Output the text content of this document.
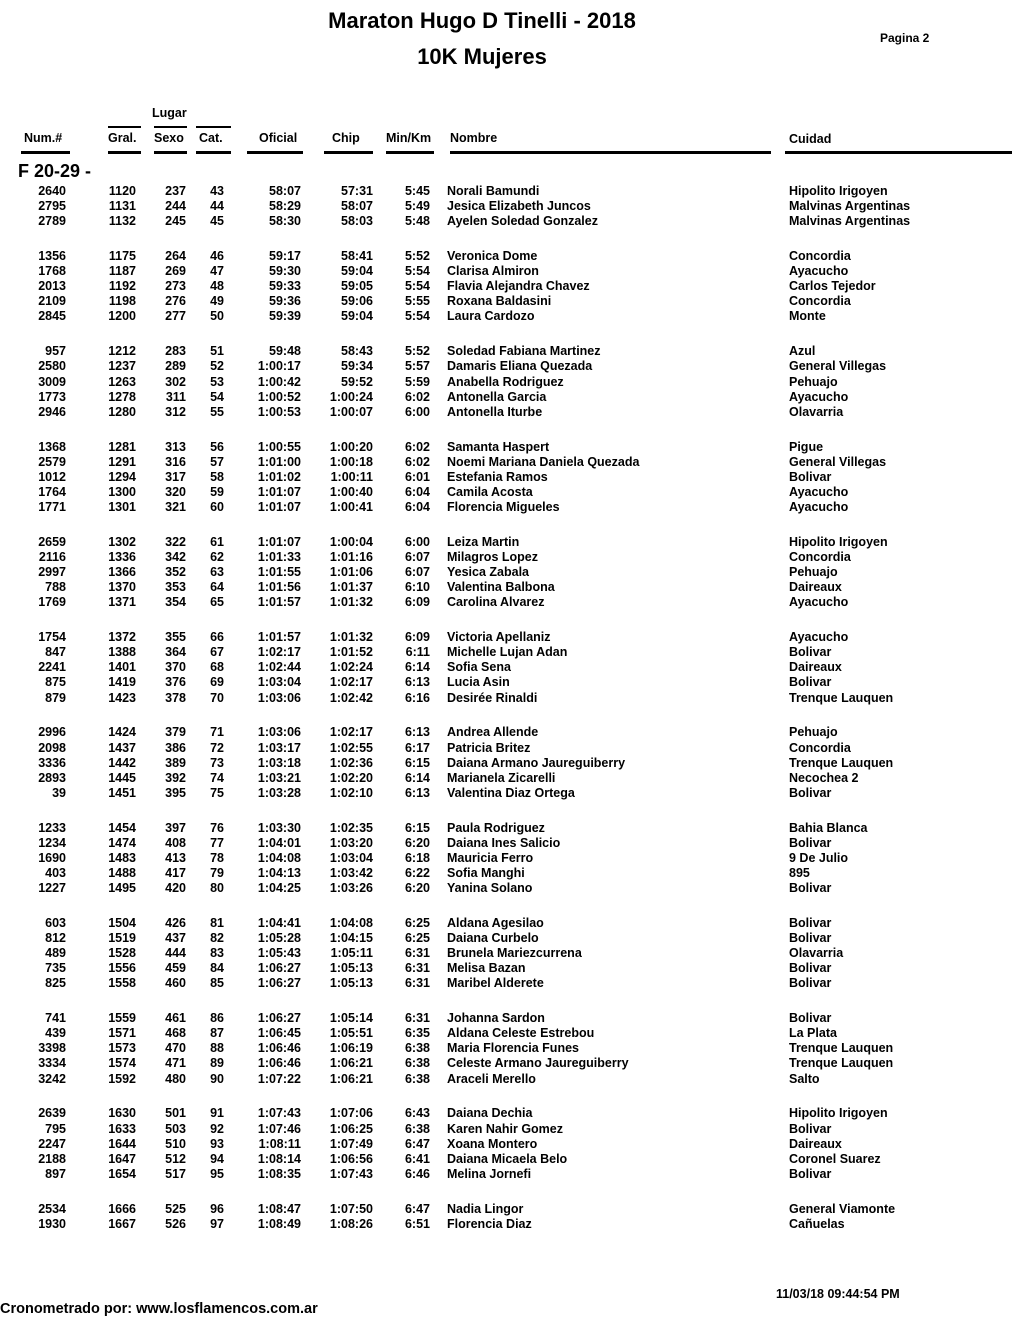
Maraton Hugo D Tinelli - 2018
10K Mujeres
Pagina 2
Lugar
Num.#	Gral. Sexo Cat.	Oficial	Chip Min/Km Nombre	Cuidad
F 20-29 -
2640	1120	237	43	58:07	57:31	5:45 Norali Bamundi	Hipolito Irigoyen
2795	1131	244	44	58:29	58:07	5:49 Jesica Elizabeth Juncos	Malvinas Argentinas
2789	1132	245	45	58:30	58:03	5:48 Ayelen Soledad Gonzalez	Malvinas Argentinas
1356	1175	264	46	59:17	58:41	5:52 Veronica Dome	Concordia
1768	1187	269	47	59:30	59:04	5:54 Clarisa Almiron	Ayacucho
2013	1192	273	48	59:33	59:05	5:54 Flavia Alejandra Chavez	Carlos Tejedor
2109	1198	276	49	59:36	59:06	5:55 Roxana Baldasini	Concordia
2845	1200	277	50	59:39	59:04	5:54 Laura Cardozo	Monte
957	1212	283	51	59:48	58:43	5:52 Soledad Fabiana Martinez	Azul
2580	1237	289	52	1:00:17	59:34	5:57 Damaris Eliana Quezada	General Villegas
3009	1263	302	53	1:00:42	59:52	5:59 Anabella Rodriguez	Pehuajo
1773	1278	311	54	1:00:52	1:00:24	6:02 Antonella Garcia	Ayacucho
2946	1280	312	55	1:00:53	1:00:07	6:00 Antonella Iturbe	Olavarria
1368	1281	313	56	1:00:55	1:00:20	6:02 Samanta Haspert	Pigue
2579	1291	316	57	1:01:00	1:00:18	6:02 Noemi Mariana Daniela Quezada	General Villegas
1012	1294	317	58	1:01:02	1:00:11	6:01 Estefania Ramos	Bolivar
1764	1300	320	59	1:01:07	1:00:40	6:04 Camila Acosta	Ayacucho
1771	1301	321	60	1:01:07	1:00:41	6:04 Florencia Migueles	Ayacucho
2659	1302	322	61	1:01:07	1:00:04	6:00 Leiza Martin	Hipolito Irigoyen
2116	1336	342	62	1:01:33	1:01:16	6:07 Milagros Lopez	Concordia
2997	1366	352	63	1:01:55	1:01:06	6:07 Yesica Zabala	Pehuajo
788	1370	353	64	1:01:56	1:01:37	6:10 Valentina Balbona	Daireaux
1769	1371	354	65	1:01:57	1:01:32	6:09 Carolina Alvarez	Ayacucho
1754	1372	355	66	1:01:57	1:01:32	6:09 Victoria Apellaniz	Ayacucho
847	1388	364	67	1:02:17	1:01:52	6:11 Michelle Lujan Adan	Bolivar
2241	1401	370	68	1:02:44	1:02:24	6:14 Sofia Sena	Daireaux
875	1419	376	69	1:03:04	1:02:17	6:13 Lucia Asin	Bolivar
879	1423	378	70	1:03:06	1:02:42	6:16 Desirée Rinaldi	Trenque Lauquen
2996	1424	379	71	1:03:06	1:02:17	6:13 Andrea Allende	Pehuajo
2098	1437	386	72	1:03:17	1:02:55	6:17 Patricia Britez	Concordia
3336	1442	389	73	1:03:18	1:02:36	6:15 Daiana Armano Jaureguiberry	Trenque Lauquen
2893	1445	392	74	1:03:21	1:02:20	6:14 Marianela Zicarelli	Necochea 2
39	1451	395	75	1:03:28	1:02:10	6:13 Valentina Diaz Ortega	Bolivar
1233	1454	397	76	1:03:30	1:02:35	6:15 Paula Rodriguez	Bahia Blanca
1234	1474	408	77	1:04:01	1:03:20	6:20 Daiana Ines Salicio	Bolivar
1690	1483	413	78	1:04:08	1:03:04	6:18 Mauricia Ferro	9 De Julio
403	1488	417	79	1:04:13	1:03:42	6:22 Sofia Manghi	895
1227	1495	420	80	1:04:25	1:03:26	6:20 Yanina Solano	Bolivar
603	1504	426	81	1:04:41	1:04:08	6:25 Aldana Agesilao	Bolivar
812	1519	437	82	1:05:28	1:04:15	6:25 Daiana Curbelo	Bolivar
489	1528	444	83	1:05:43	1:05:11	6:31 Brunela Mariezcurrena	Olavarria
735	1556	459	84	1:06:27	1:05:13	6:31 Melisa Bazan	Bolivar
825	1558	460	85	1:06:27	1:05:13	6:31 Maribel Alderete	Bolivar
741	1559	461	86	1:06:27	1:05:14	6:31 Johanna Sardon	Bolivar
439	1571	468	87	1:06:45	1:05:51	6:35 Aldana Celeste Estrebou	La Plata
3398	1573	470	88	1:06:46	1:06:19	6:38 Maria Florencia Funes	Trenque Lauquen
3334	1574	471	89	1:06:46	1:06:21	6:38 Celeste Armano Jaureguiberry	Trenque Lauquen
3242	1592	480	90	1:07:22	1:06:21	6:38 Araceli Merello	Salto
2639	1630	501	91	1:07:43	1:07:06	6:43 Daiana Dechia	Hipolito Irigoyen
795	1633	503	92	1:07:46	1:06:25	6:38 Karen Nahir Gomez	Bolivar
2247	1644	510	93	1:08:11	1:07:49	6:47 Xoana Montero	Daireaux
2188	1647	512	94	1:08:14	1:06:56	6:41 Daiana Micaela Belo	Coronel Suarez
897	1654	517	95	1:08:35	1:07:43	6:46 Melina Jornefi	Bolivar
2534	1666	525	96	1:08:47	1:07:50	6:47 Nadia Lingor	General Viamonte
1930	1667	526	97	1:08:49	1:08:26	6:51 Florencia Diaz	Cañuelas
11/03/18 09:44:54 PM
Cronometrado por: www.losflamencos.com.ar
